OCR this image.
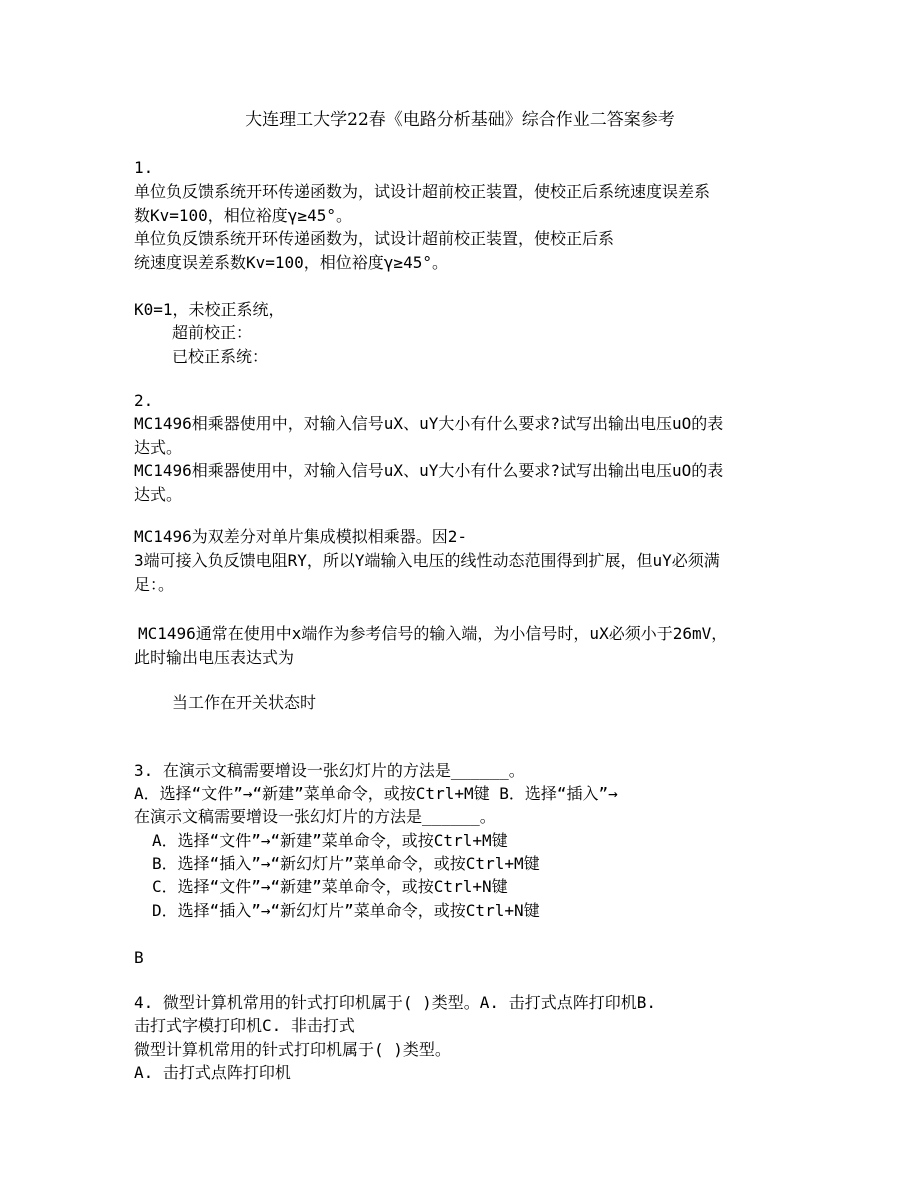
大连理工大学22春《电路分析基础》综合作业二答案参考
1.
单位负反馈系统开环传递函数为，试设计超前校正装置，使校正后系统速度误差系
数Kv=100，相位裕度γ≥45°。
单位负反馈系统开环传递函数为，试设计超前校正装置，使校正后系
统速度误差系数Kv=100，相位裕度γ≥45°。
K0=1，未校正系统，
超前校正：
已校正系统：
2.
MC1496相乘器使用中，对输入信号uX、uY大小有什么要求?试写出输出电压uO的表
达式。
MC1496相乘器使用中，对输入信号uX、uY大小有什么要求?试写出输出电压uO的表
达式。
MC1496为双差分对单片集成模拟相乘器。因2-
3端可接入负反馈电阻RY，所以Y端输入电压的线性动态范围得到扩展，但uY必须满
足：。
MC1496通常在使用中x端作为参考信号的输入端，为小信号时，uX必须小于26mV，
此时输出电压表达式为
当工作在开关状态时
3. 在演示文稿需要增设一张幻灯片的方法是______。
A．选择“文件”→“新建”菜单命令，或按Ctrl+M键 B．选择“插入”→
在演示文稿需要增设一张幻灯片的方法是______。
A．选择“文件”→“新建”菜单命令，或按Ctrl+M键
B．选择“插入”→“新幻灯片”菜单命令，或按Ctrl+M键
C．选择“文件”→“新建”菜单命令，或按Ctrl+N键
D．选择“插入”→“新幻灯片”菜单命令，或按Ctrl+N键
B
4. 微型计算机常用的针式打印机属于( )类型。A. 击打式点阵打印机B.
击打式字模打印机C. 非击打式
微型计算机常用的针式打印机属于( )类型。
A. 击打式点阵打印机
